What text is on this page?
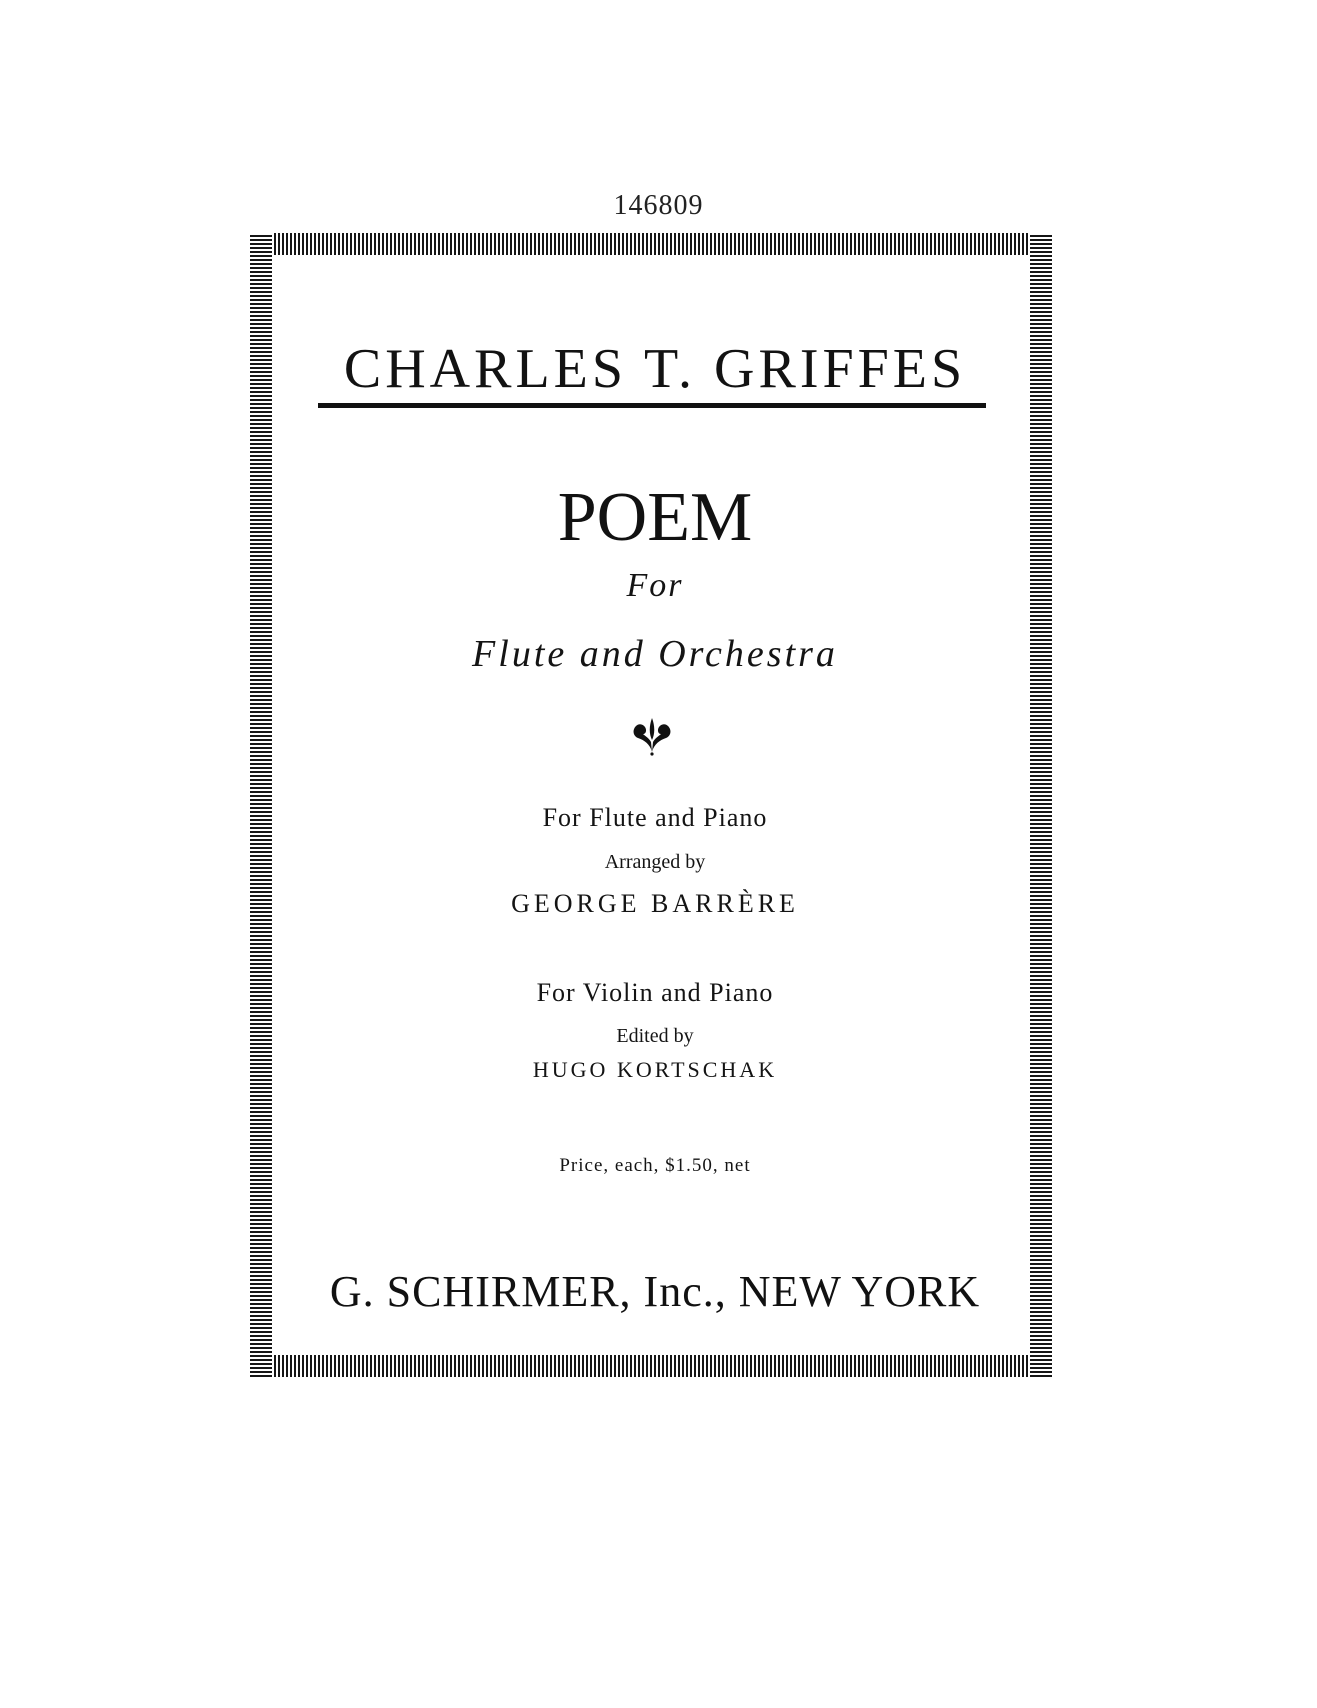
146809
CHARLES T. GRIFFES
POEM
For
Flute and Orchestra
For Flute and Piano
Arranged by
GEORGE BARRÈRE
For Violin and Piano
Edited by
HUGO KORTSCHAK
Price, each, $1.50, net
G. SCHIRMER, Inc., NEW YORK
